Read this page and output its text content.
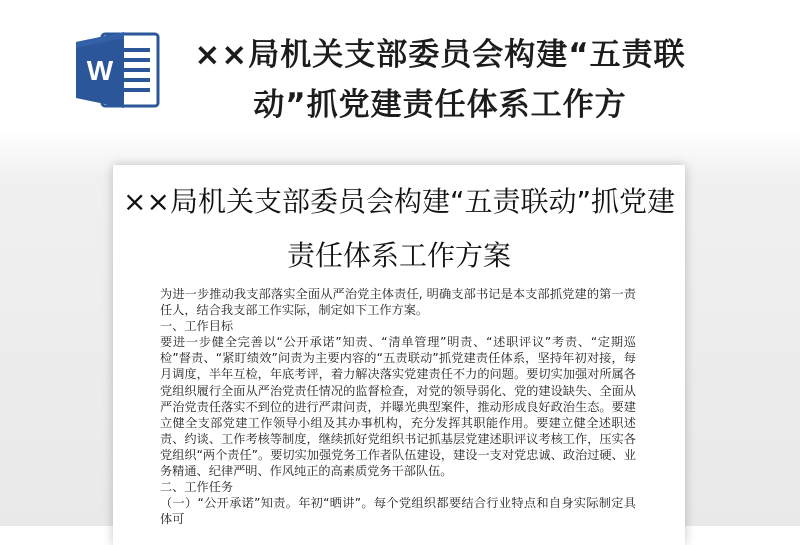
W	××局机关支部委员会构建“五责联动”抓党建责任体系工作方
××局机关支部委员会构建“五责联动”抓党建责任体系工作方案

为进一步推动我支部落实全面从严治党主体责任, 明确支部书记是本支部抓党建的第一责任人，结合我支部工作实际，制定如下工作方案。

一、工作目标

要进一步健全完善以“公开承诺”知责、“清单管理”明责、“述职评议”考责、“定期巡检”督责、“紧盯绩效”问责为主要内容的“五责联动”抓党建责任体系，坚持年初对接，每月调度，半年互检，年底考评，着力解决落实党建责任不力的问题。要切实加强对所属各党组织履行全面从严治党责任情况的监督检查，对党的领导弱化、党的建设缺失、全面从严治党责任落实不到位的进行严肃问责，并曝光典型案件，推动形成良好政治生态。要建立健全支部党建工作领导小组及其办事机构，充分发挥其职能作用。要建立健全述职述责、约谈、工作考核等制度，继续抓好党组织书记抓基层党建述职评议考核工作，压实各党组织“两个责任”。要切实加强党务工作者队伍建设，建设一支对党忠诚、政治过硬、业务精通、纪律严明、作风纯正的高素质党务干部队伍。

二、工作任务

（一）“公开承诺”知责。年初“晒讲”。每个党组织都要结合行业特点和自身实际制定具体可
